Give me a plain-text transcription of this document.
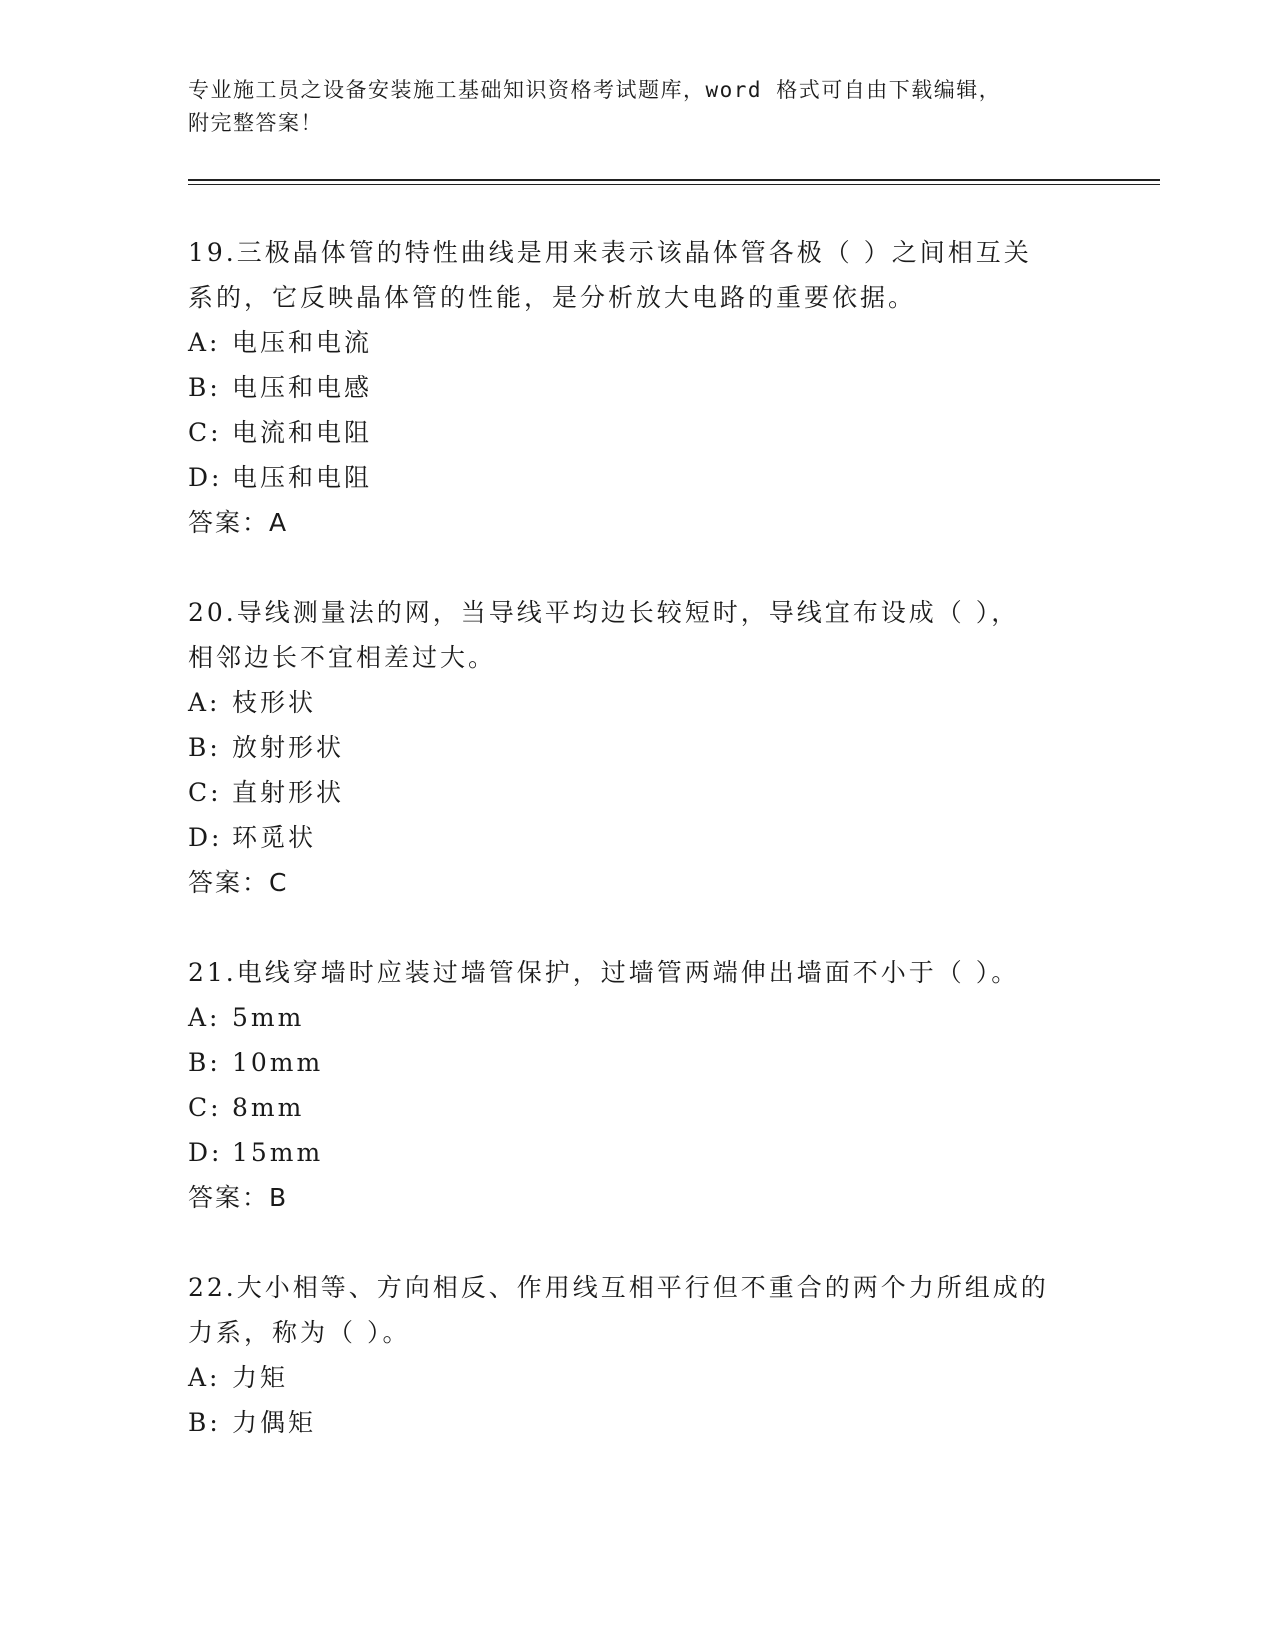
专业施工员之设备安装施工基础知识资格考试题库，word 格式可自由下载编辑，
附完整答案！
19.三极晶体管的特性曲线是用来表示该晶体管各极（ ）之间相互关
系的，它反映晶体管的性能，是分析放大电路的重要依据。
A: 电压和电流
B: 电压和电感
C: 电流和电阻
D: 电压和电阻
答案：A
20.导线测量法的网，当导线平均边长较短时，导线宜布设成（ ），
相邻边长不宜相差过大。
A: 枝形状
B: 放射形状
C: 直射形状
D: 环觅状
答案：C
21.电线穿墙时应装过墙管保护，过墙管两端伸出墙面不小于（ ）。
A: 5mm
B: 10mm
C: 8mm
D: 15mm
答案：B
22.大小相等、方向相反、作用线互相平行但不重合的两个力所组成的
力系，称为（ ）。
A: 力矩
B: 力偶矩
